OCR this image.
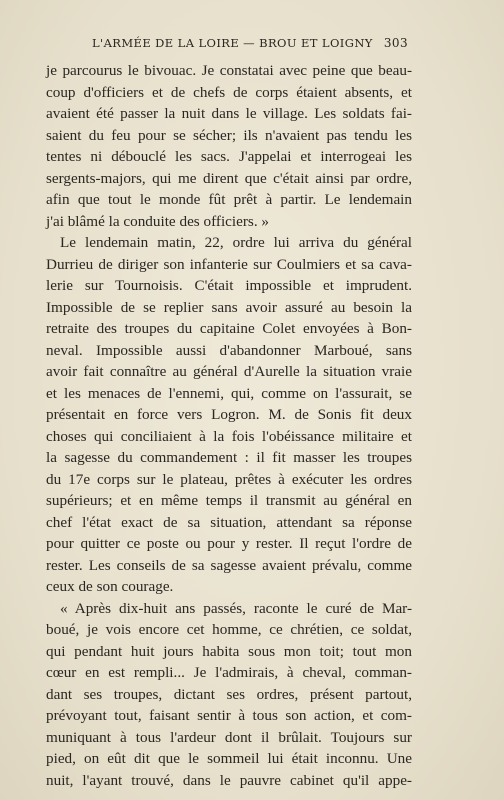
L'ARMÉE DE LA LOIRE — BROU ET LOIGNY 303
je parcourus le bivouac. Je constatai avec peine que beau-
coup d'officiers et de chefs de corps étaient absents, et
avaient été passer la nuit dans le village. Les soldats fai-
saient du feu pour se sécher; ils n'avaient pas tendu les
tentes ni débouclé les sacs. J'appelai et interrogeai les
sergents-majors, qui me dirent que c'était ainsi par ordre,
afin que tout le monde fût prêt à partir. Le lendemain
j'ai blâmé la conduite des officiers. »
Le lendemain matin, 22, ordre lui arriva du général
Durrieu de diriger son infanterie sur Coulmiers et sa cava-
lerie sur Tournoisis. C'était impossible et imprudent.
Impossible de se replier sans avoir assuré au besoin la
retraite des troupes du capitaine Colet envoyées à Bon-
neval. Impossible aussi d'abandonner Marboué, sans
avoir fait connaître au général d'Aurelle la situation vraie
et les menaces de l'ennemi, qui, comme on l'assurait, se
présentait en force vers Logron. M. de Sonis fit deux
choses qui conciliaient à la fois l'obéissance militaire et
la sagesse du commandement : il fit masser les troupes
du 17e corps sur le plateau, prêtes à exécuter les ordres
supérieurs; et en même temps il transmit au général en
chef l'état exact de sa situation, attendant sa réponse
pour quitter ce poste ou pour y rester. Il reçut l'ordre de
rester. Les conseils de sa sagesse avaient prévalu, comme
ceux de son courage.
« Après dix-huit ans passés, raconte le curé de Mar-
boué, je vois encore cet homme, ce chrétien, ce soldat,
qui pendant huit jours habita sous mon toit; tout mon
cœur en est rempli... Je l'admirais, à cheval, comman-
dant ses troupes, dictant ses ordres, présent partout,
prévoyant tout, faisant sentir à tous son action, et com-
muniquant à tous l'ardeur dont il brûlait. Toujours sur
pied, on eût dit que le sommeil lui était inconnu. Une
nuit, l'ayant trouvé, dans le pauvre cabinet qu'il appe-
